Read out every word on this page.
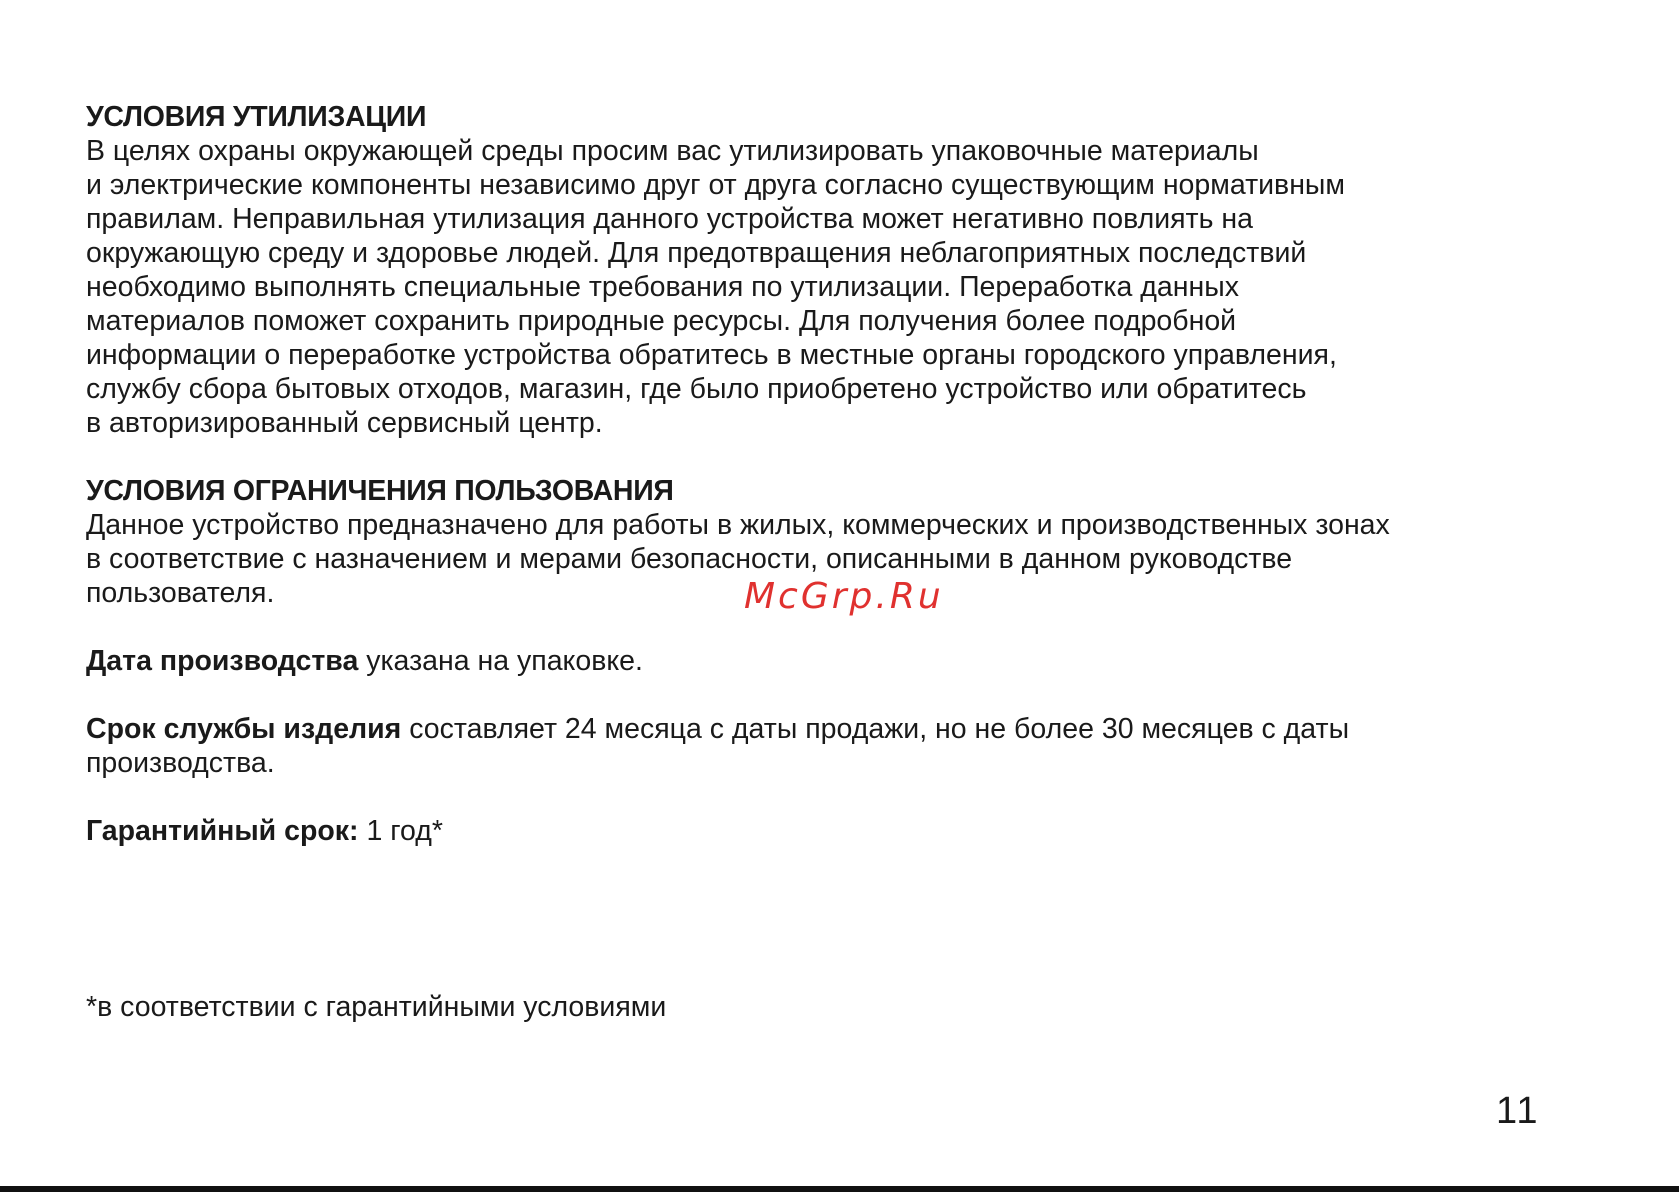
УСЛОВИЯ УТИЛИЗАЦИИ
В целях охраны окружающей среды просим вас утилизировать упаковочные материалы
и электрические компоненты независимо друг от друга согласно существующим нормативным
правилам. Неправильная утилизация данного устройства может негативно повлиять на
окружающую среду и здоровье людей. Для предотвращения неблагоприятных последствий
необходимо выполнять специальные требования по утилизации. Переработка данных
материалов поможет сохранить природные ресурсы. Для получения более подробной
информации о переработке устройства обратитесь в местные органы городского управления,
службу сбора бытовых отходов, магазин, где было приобретено устройство или обратитесь
в авторизированный сервисный центр.
УСЛОВИЯ ОГРАНИЧЕНИЯ ПОЛЬЗОВАНИЯ
Данное устройство предназначено для работы в жилых, коммерческих и производственных зонах
в соответствие с назначением и мерами безопасности, описанными в данном руководстве
пользователя.
Дата производства указана на упаковке.
Срок службы изделия составляет 24 месяца с даты продажи, но не более 30 месяцев с даты
производства.
Гарантийный срок: 1 год*
McGrp.Ru
*в соответствии с гарантийными условиями
11
